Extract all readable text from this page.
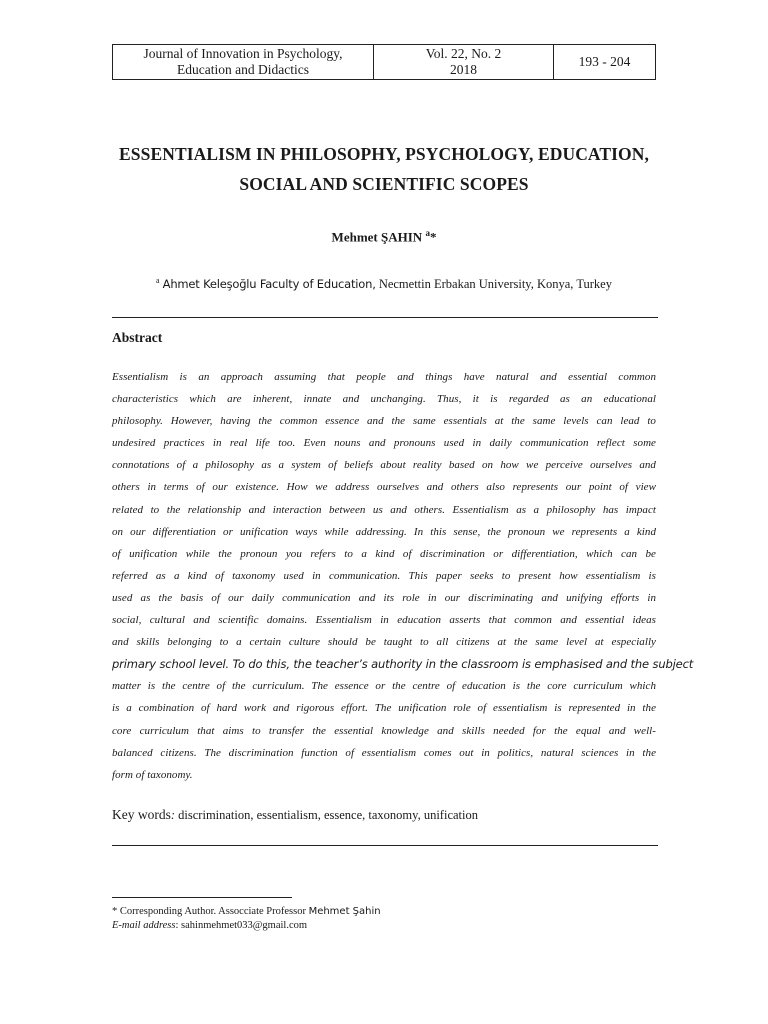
Journal of Innovation in Psychology,
Education and Didactics
Vol. 22, No. 2
2018
193 - 204
ESSENTIALISM IN PHILOSOPHY, PSYCHOLOGY, EDUCATION,
SOCIAL AND SCIENTIFIC SCOPES
Mehmet ŞAHIN $^a$*
$^a$ Ahmet Keleşoğlu Faculty of Education, Necmettin Erbakan University, Konya, Turkey
Abstract
Essentialism is an approach assuming that people and things have natural and essential common
characteristics which are inherent, innate and unchanging. Thus, it is regarded as an educational
philosophy. However, having the common essence and the same essentials at the same levels can lead to
undesired practices in real life too. Even nouns and pronouns used in daily communication reflect some
connotations of a philosophy as a system of beliefs about reality based on how we perceive ourselves and
others in terms of our existence. How we address ourselves and others also represents our point of view
related to the relationship and interaction between us and others. Essentialism as a philosophy has impact
on our differentiation or unification ways while addressing. In this sense, the pronoun we represents a kind
of unification while the pronoun you refers to a kind of discrimination or differentiation, which can be
referred as a kind of taxonomy used in communication. This paper seeks to present how essentialism is
used as the basis of our daily communication and its role in our discriminating and unifying efforts in
social, cultural and scientific domains. Essentialism in education asserts that common and essential ideas
and skills belonging to a certain culture should be taught to all citizens at the same level at especially
primary school level. To do this, the teacher’s authority in the classroom is emphasised and the subject
matter is the centre of the curriculum. The essence or the centre of education is the core curriculum which
is a combination of hard work and rigorous effort. The unification role of essentialism is represented in the
core curriculum that aims to transfer the essential knowledge and skills needed for the equal and well-
balanced citizens. The discrimination function of essentialism comes out in politics, natural sciences in the
form of taxonomy.
Key words: discrimination, essentialism, essence, taxonomy, unification
* Corresponding Author. Assocciate Professor Mehmet Şahin
E-mail address: sahinmehmet033@gmail.com
